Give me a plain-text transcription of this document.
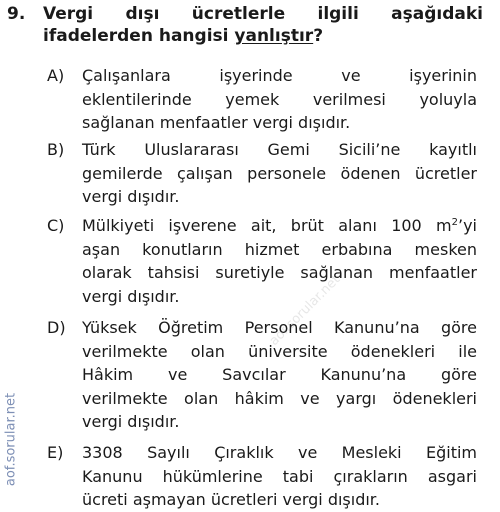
9. Vergi dışı ücretlerle ilgili aşağıdaki
ifadelerden hangisi yanlıştır?
A)	Çalışanlara işyerinde ve işyerinin
eklentilerinde yemek verilmesi yoluyla
sağlanan menfaatler vergi dışıdır.
B)	Türk Uluslararası Gemi Sicili’ne kayıtlı
gemilerde çalışan personele ödenen ücretler
vergi dışıdır.
C)	Mülkiyeti işverene ait, brüt alanı 100 $m^2’yi$
aşan konutların hizmet erbabına mesken
olarak tahsisi suretiyle sağlanan menfaatler
vergi dışıdır.
D)	Yüksek Öğretim Personel Kanunu’na göre
verilmekte olan üniversite ödenekleri ile
Hâkim ve Savcılar Kanunu’na göre
verilmekte olan hâkim ve yargı ödenekleri
vergi dışıdır.
E)	3308 Sayılı Çıraklık ve Mesleki Eğitim
Kanunu hükümlerine tabi çırakların asgari
ücreti aşmayan ücretleri vergi dışıdır.
aof.sorular.net
aof.sorular.net
